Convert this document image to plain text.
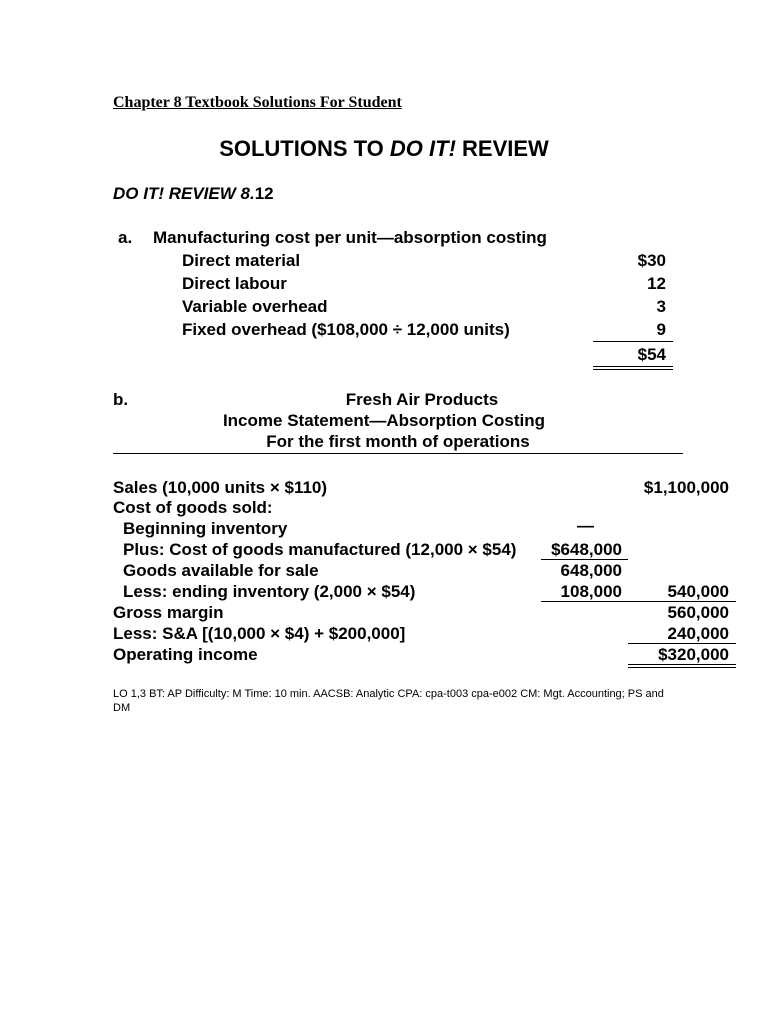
Chapter 8 Textbook Solutions For Student
SOLUTIONS TO DO IT! REVIEW
DO IT! REVIEW 8.12
a. Manufacturing cost per unit—absorption costing
Direct material	$30
Direct labour	12
Variable overhead	3
Fixed overhead ($108,000 ÷ 12,000 units)	9
$54
b.	Fresh Air Products
Income Statement—Absorption Costing
For the first month of operations
Sales (10,000 units × $110)	$1,100,000
Cost of goods sold:
Beginning inventory	—
Plus: Cost of goods manufactured (12,000 × $54)	$648,000
Goods available for sale	648,000
Less: ending inventory (2,000 × $54)	108,000	540,000
Gross margin	560,000
Less: S&A [(10,000 × $4) + $200,000]	240,000
Operating income	$320,000
LO 1,3 BT: AP Difficulty: M Time: 10 min. AACSB: Analytic CPA: cpa-t003 cpa-e002 CM: Mgt. Accounting; PS and DM
